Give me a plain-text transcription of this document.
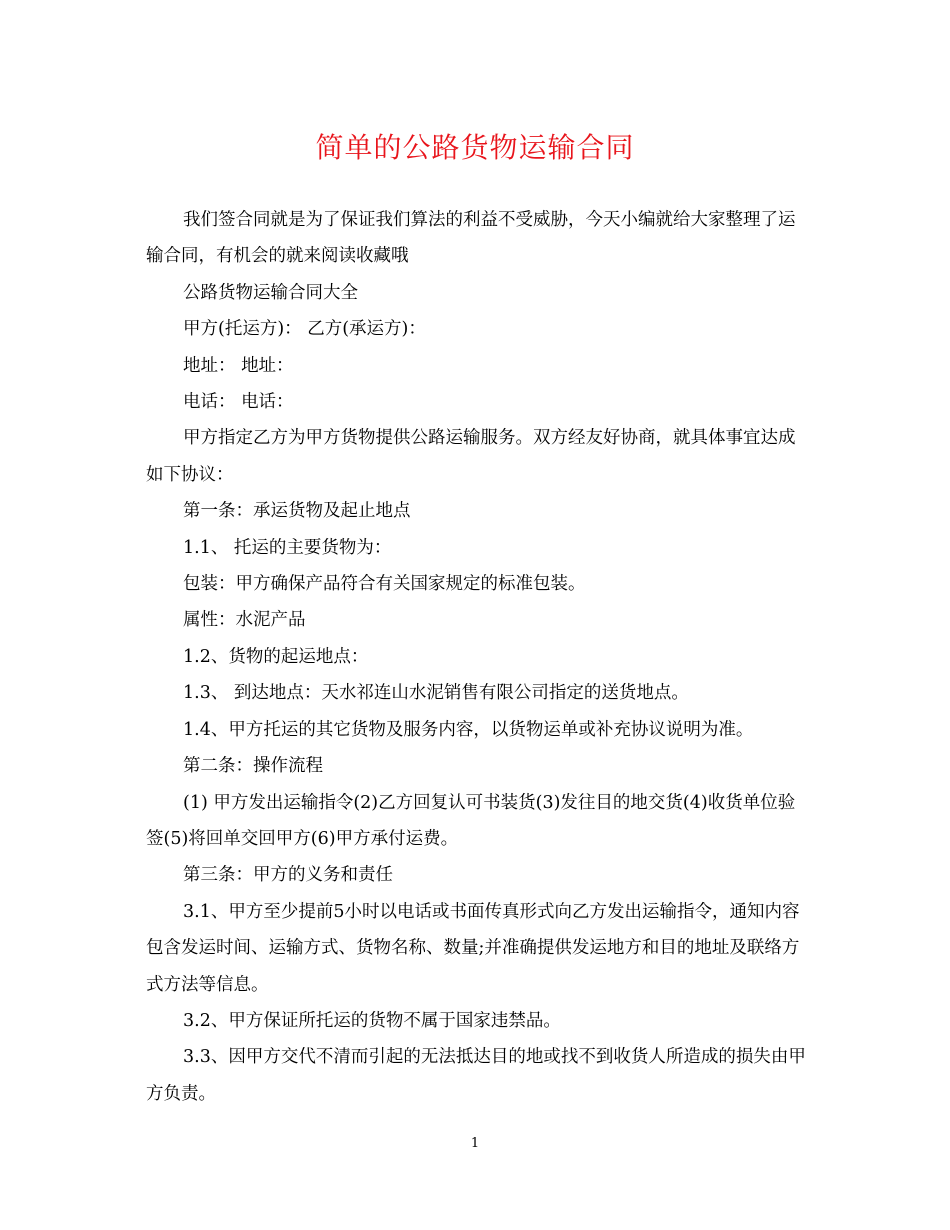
简单的公路货物运输合同

我们签合同就是为了保证我们算法的利益不受威胁，今天小编就给大家整理了运输合同，有机会的就来阅读收藏哦

公路货物运输合同大全

甲方(托运方)： 乙方(承运方)：

地址： 地址：

电话： 电话：

甲方指定乙方为甲方货物提供公路运输服务。双方经友好协商，就具体事宜达成如下协议：

第一条：承运货物及起止地点

1.1、 托运的主要货物为：

包装：甲方确保产品符合有关国家规定的标准包装。

属性：水泥产品

1.2、货物的起运地点：

1.3、 到达地点：天水祁连山水泥销售有限公司指定的送货地点。

1.4、甲方托运的其它货物及服务内容，以货物运单或补充协议说明为准。

第二条：操作流程

(1) 甲方发出运输指令(2)乙方回复认可书装货(3)发往目的地交货(4)收货单位验签(5)将回单交回甲方(6)甲方承付运费。

第三条：甲方的义务和责任

3.1、甲方至少提前5小时以电话或书面传真形式向乙方发出运输指令，通知内容包含发运时间、运输方式、货物名称、数量;并准确提供发运地方和目的地址及联络方式方法等信息。

3.2、甲方保证所托运的货物不属于国家违禁品。

3.3、因甲方交代不清而引起的无法抵达目的地或找不到收货人所造成的损失由甲方负责。

1
